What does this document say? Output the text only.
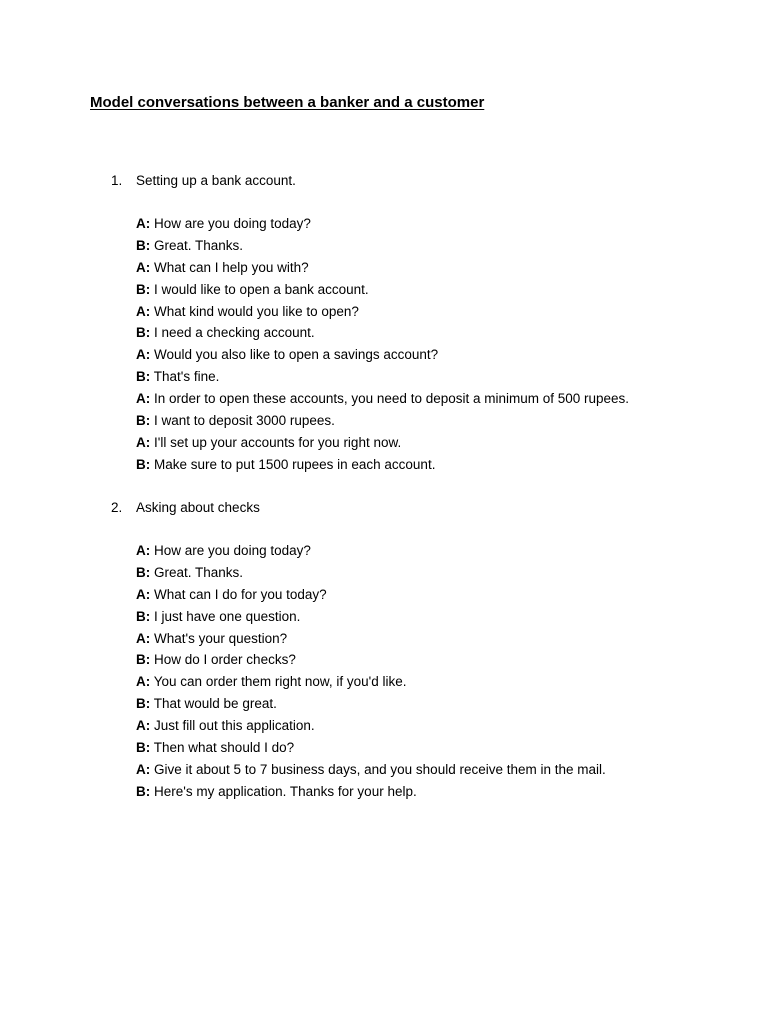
Model conversations between a banker and a customer
1. Setting up a bank account.
A: How are you doing today?
B: Great. Thanks.
A: What can I help you with?
B: I would like to open a bank account.
A: What kind would you like to open?
B: I need a checking account.
A: Would you also like to open a savings account?
B: That's fine.
A: In order to open these accounts, you need to deposit a minimum of 500 rupees.
B: I want to deposit 3000 rupees.
A: I'll set up your accounts for you right now.
B: Make sure to put 1500 rupees in each account.
2. Asking about checks
A: How are you doing today?
B: Great. Thanks.
A: What can I do for you today?
B: I just have one question.
A: What's your question?
B: How do I order checks?
A: You can order them right now, if you'd like.
B: That would be great.
A: Just fill out this application.
B: Then what should I do?
A: Give it about 5 to 7 business days, and you should receive them in the mail.
B: Here's my application. Thanks for your help.
